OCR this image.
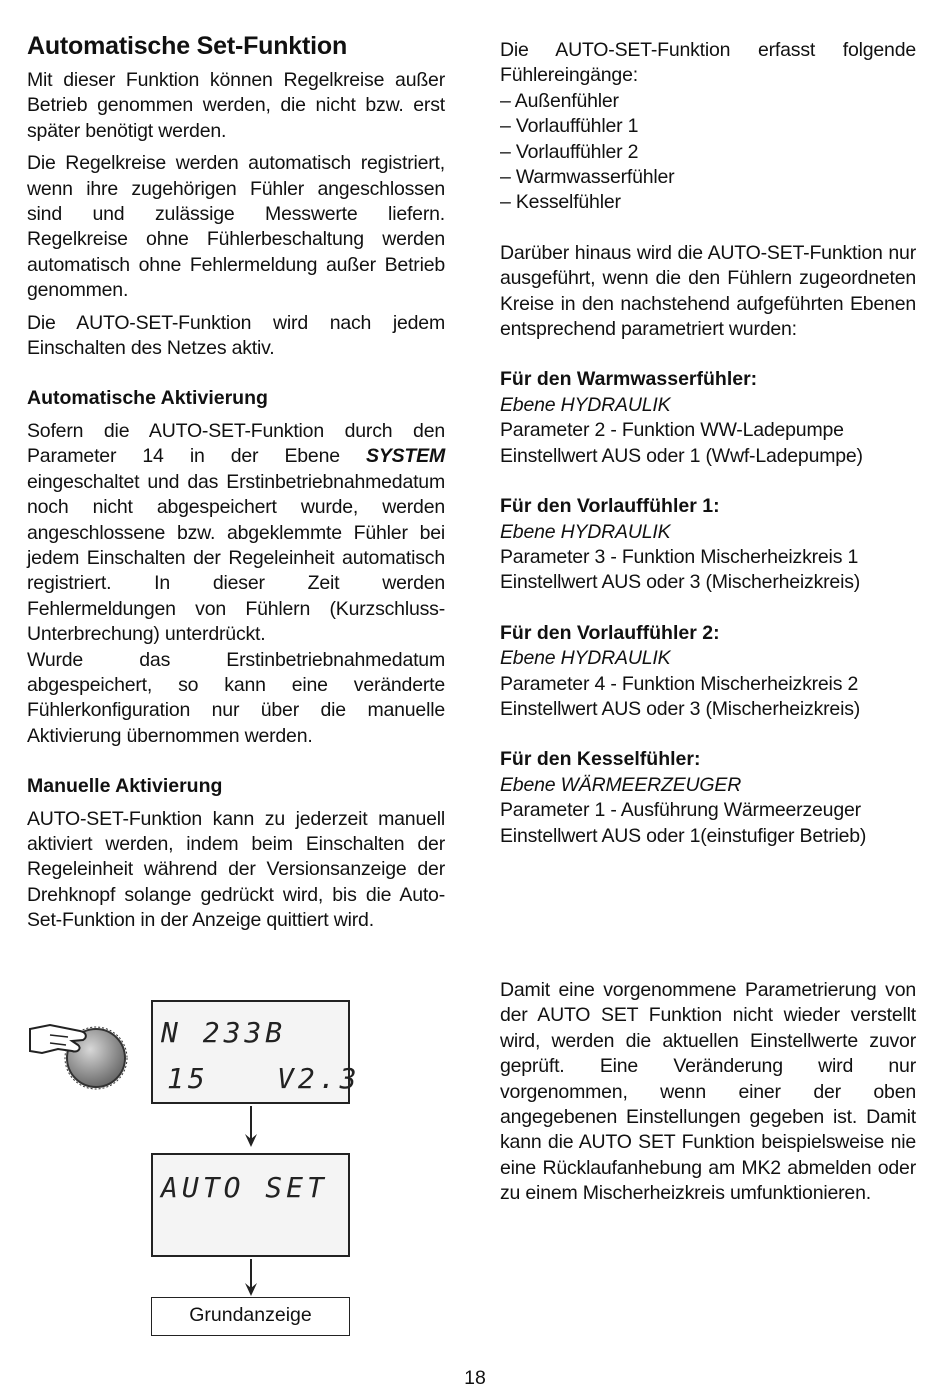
Automatische Set-Funktion

Mit dieser Funktion können Regelkreise außer Betrieb genommen werden, die nicht bzw. erst später benötigt werden.

Die Regelkreise werden automatisch registriert, wenn ihre zugehörigen Fühler angeschlossen sind und zulässige Messwerte liefern. Regelkreise ohne Fühlerbeschaltung werden automatisch ohne Fehlermeldung außer Betrieb genommen.

Die AUTO-SET-Funktion wird nach jedem Einschalten des Netzes aktiv.

Automatische Aktivierung

Sofern die AUTO-SET-Funktion durch den Parameter 14 in der Ebene SYSTEM eingeschaltet und das Erstinbetriebnahmedatum noch nicht abgespeichert wurde, werden angeschlossene bzw. abgeklemmte Fühler bei jedem Einschalten der Regeleinheit automatisch registriert. In dieser Zeit werden Fehlermeldungen von Fühlern (Kurzschluss-Unterbrechung) unterdrückt.

Wurde das Erstinbetriebnahmedatum abgespeichert, so kann eine veränderte Fühlerkonfiguration nur über die manuelle Aktivierung übernommen werden.

Manuelle Aktivierung

AUTO-SET-Funktion kann zu jederzeit manuell aktiviert werden, indem beim Einschalten der Regeleinheit während der Versionsanzeige der Drehknopf solange gedrückt wird, bis die Auto-Set-Funktion in der Anzeige quittiert wird.

N 233B
15 V2.3
AUTO SET
Grundanzeige

Die AUTO-SET-Funktion erfasst folgende Fühlereingänge:

– Außenfühler
– Vorlauffühler 1
– Vorlauffühler 2
– Warmwasserfühler
– Kesselfühler

Darüber hinaus wird die AUTO-SET-Funktion nur ausgeführt, wenn die den Fühlern zugeordneten Kreise in den nachstehend aufgeführten Ebenen entsprechend parametriert wurden:

Für den Warmwasserfühler:
Ebene HYDRAULIK

Parameter 2 - Funktion WW-Ladepumpe

Einstellwert AUS oder 1 (Wwf-Ladepumpe)
Für den Vorlauffühler 1:
Ebene HYDRAULIK

Parameter 3 - Funktion Mischerheizkreis 1

Einstellwert AUS oder 3 (Mischerheizkreis)
Für den Vorlauffühler 2:
Ebene HYDRAULIK

Parameter 4 - Funktion Mischerheizkreis 2

Einstellwert AUS oder 3 (Mischerheizkreis)
Für den Kesselfühler:
Ebene WÄRMEERZEUGER

Parameter 1 - Ausführung Wärmeerzeuger

Einstellwert AUS oder 1(einstufiger Betrieb)

Damit eine vorgenommene Parametrierung von der AUTO SET Funktion nicht wieder verstellt wird, werden die aktuellen Einstellwerte zuvor geprüft. Eine Veränderung wird nur vorgenommen, wenn einer der oben angegebenen Einstellungen gegeben ist. Damit kann die AUTO SET Funktion beispielsweise nie eine Rücklaufanhebung am MK2 abmelden oder zu einem Mischerheizkreis umfunktionieren.

18
